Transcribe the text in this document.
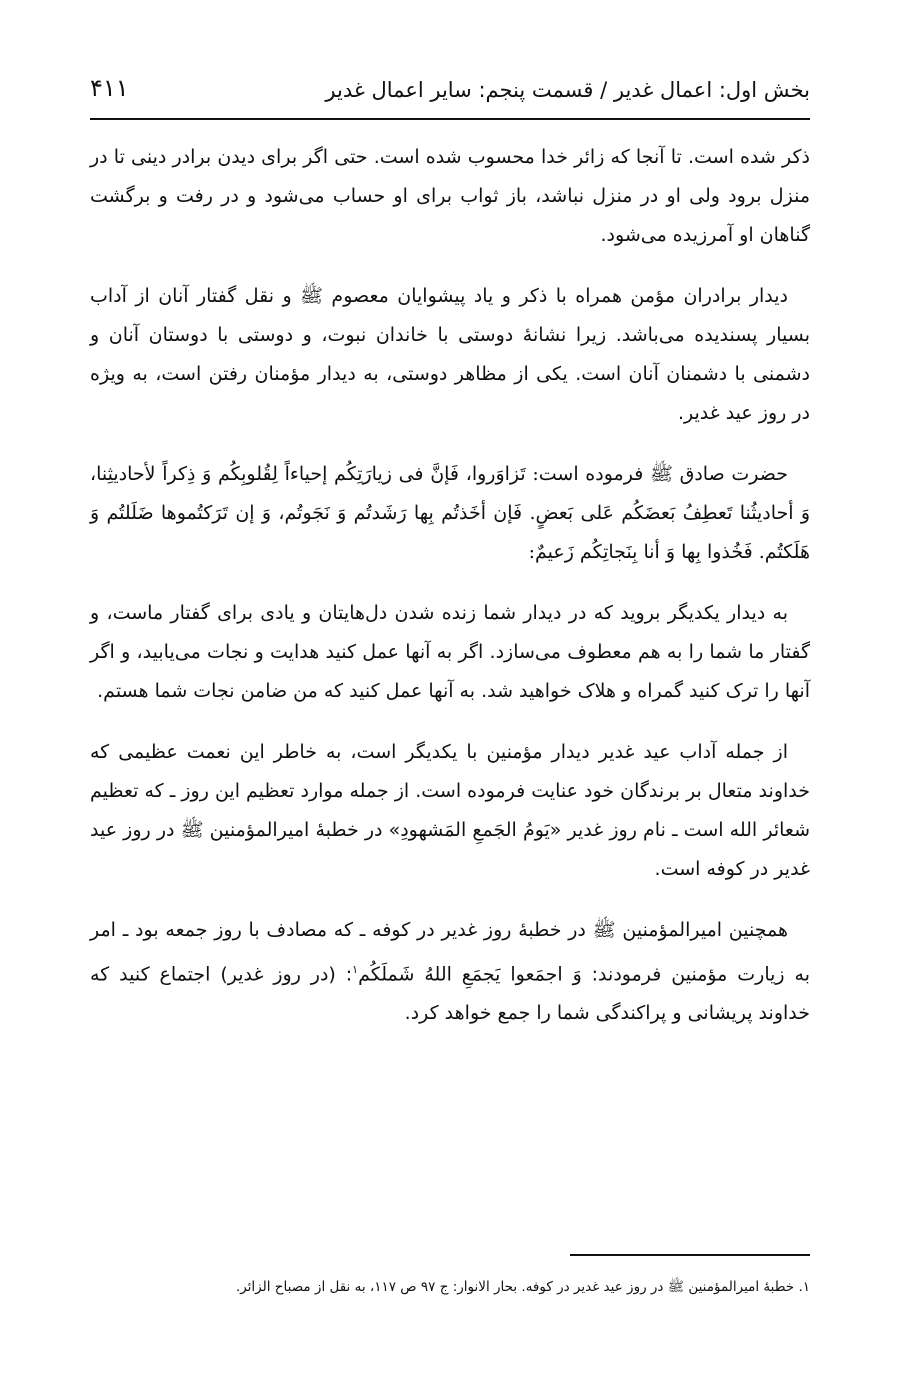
بخش اول: اعمال غدیر / قسمت پنجم: سایر اعمال غدیر
۴۱۱

ذکر شده است. تا آنجا که زائر خدا محسوب شده است. حتی اگر برای دیدن برادر دینی تا در منزل برود ولی او در منزل نباشد، باز ثواب برای او حساب می‌شود و در رفت و برگشت گناهان او آمرزیده می‌شود.

دیدار برادران مؤمن همراه با ذکر و یاد پیشوایان معصوم ﷺ و نقل گفتار آنان از آداب بسیار پسندیده می‌باشد. زیرا نشانهٔ دوستی با خاندان نبوت، و دوستی با دوستان آنان و دشمنی با دشمنان آنان است. یکی از مظاهر دوستی، به دیدار مؤمنان رفتن است، به ویژه در روز عید غدیر.

حضرت صادق ﷺ فرموده است: تَزاوَروا، فَإنَّ فی زیارَتِکُم إحیاءاً لِقُلوبِکُم وَ ذِکراً لأحادیثِنا، وَ أحادیثُنا تَعطِفُ بَعضَکُم عَلی بَعضٍ. فَإن أخَذتُم بِها رَشَدتُم وَ نَجَوتُم، وَ إن تَرَکتُموها ضَلَلتُم وَ هَلَکتُم. فَخُذوا بِها وَ أنا بِنَجاتِکُم زَعیمٌ:

به دیدار یکدیگر بروید که در دیدار شما زنده شدن دل‌هایتان و یادی برای گفتار ماست، و گفتار ما شما را به هم معطوف می‌سازد. اگر به آنها عمل کنید هدایت و نجات می‌یابید، و اگر آنها را ترک کنید گمراه و هلاک خواهید شد. به آنها عمل کنید که من ضامن نجات شما هستم.

از جمله آداب عید غدیر دیدار مؤمنین با یکدیگر است، به خاطر این نعمت عظیمی که خداوند متعال بر برندگان خود عنایت فرموده است. از جمله موارد تعظیم این روز ـ که تعظیم شعائر الله است ـ نام روز غدیر «یَومُ الجَمعِ المَشهودِ» در خطبهٔ امیرالمؤمنین ﷺ در روز عید غدیر در کوفه است.

همچنین امیرالمؤمنین ﷺ در خطبهٔ روز غدیر در کوفه ـ که مصادف با روز جمعه بود ـ امر به زیارت مؤمنین فرمودند: وَ اجمَعوا یَجمَعِ اللهُ شَملَکُم$^۱$: (در روز غدیر) اجتماع کنید که خداوند پریشانی و پراکندگی شما را جمع خواهد کرد.

۱. خطبهٔ امیرالمؤمنین ﷺ در روز عید غدیر در کوفه. بحار الانوار: ج ۹۷ ص ۱۱۷، به نقل از مصباح الزائر.
